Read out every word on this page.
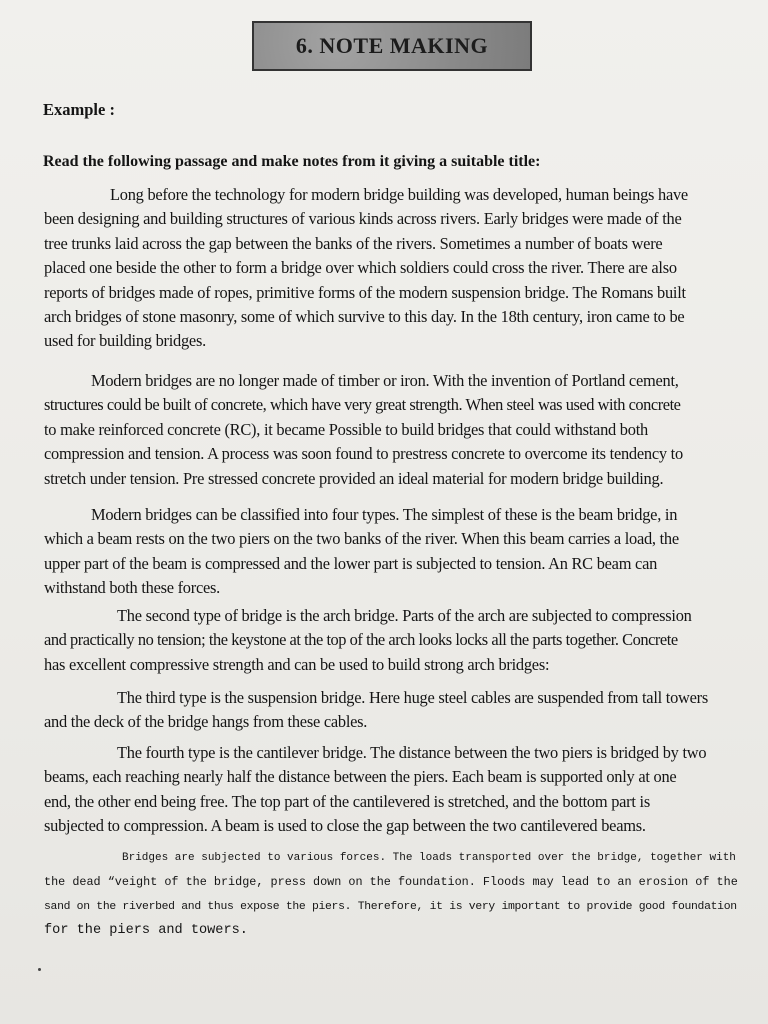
6. NOTE MAKING
Example :
Read the following passage and make notes from it giving a suitable title:

Long before the technology for modern bridge building was developed, human beings have
been designing and building structures of various kinds across rivers. Early bridges were made of the
tree trunks laid across the gap between the banks of the rivers. Sometimes a number of boats were
placed one beside the other to form a bridge over which soldiers could cross the river. There are also
reports of bridges made of ropes, primitive forms of the modern suspension bridge. The Romans built
arch bridges of stone masonry, some of which survive to this day. In the 18th century, iron came to be
used for building bridges.

Modern bridges are no longer made of timber or iron. With the invention of Portland cement,
structures could be built of concrete, which have very great strength. When steel was used with concrete
to make reinforced concrete (RC), it became Possible to build bridges that could withstand both
compression and tension. A process was soon found to prestress concrete to overcome its tendency to
stretch under tension. Pre stressed concrete provided an ideal material for modern bridge building.

Modern bridges can be classified into four types. The simplest of these is the beam bridge, in
which a beam rests on the two piers on the two banks of the river. When this beam carries a load, the
upper part of the beam is compressed and the lower part is subjected to tension. An RC beam can
withstand both these forces.

The second type of bridge is the arch bridge. Parts of the arch are subjected to compression
and practically no tension; the keystone at the top of the arch looks locks all the parts together. Concrete
has excellent compressive strength and can be used to build strong arch bridges:

The third type is the suspension bridge. Here huge steel cables are suspended from tall towers
and the deck of the bridge hangs from these cables.

The fourth type is the cantilever bridge. The distance between the two piers is bridged by two
beams, each reaching nearly half the distance between the piers. Each beam is supported only at one
end, the other end being free. The top part of the cantilevered is stretched, and the bottom part is
subjected to compression. A beam is used to close the gap between the two cantilevered beams.

Bridges are subjected to various forces. The loads transported over the bridge, together with
the dead “veight of the bridge, press down on the foundation. Floods may lead to an erosion of the
sand on the riverbed and thus expose the piers. Therefore, it is very important to provide good foundation
for the piers and towers.
